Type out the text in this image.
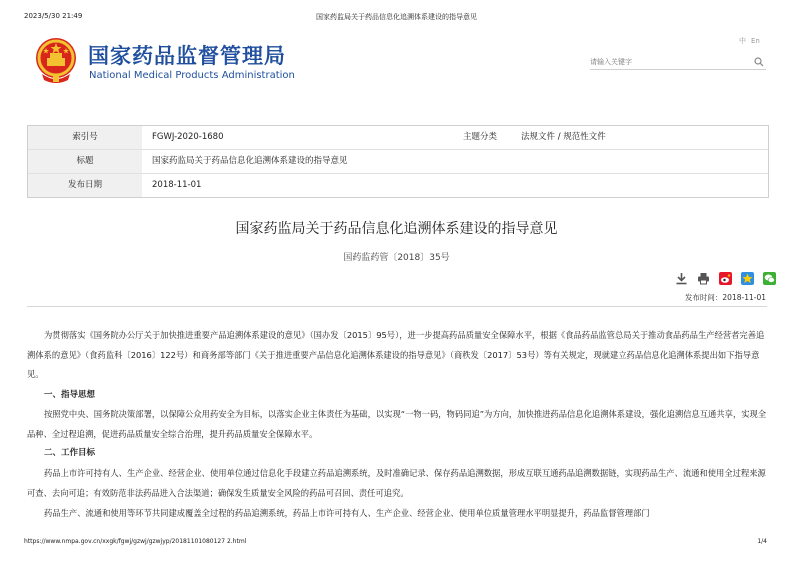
2023/5/30 21:49	国家药监局关于药品信息化追溯体系建设的指导意见
国家药品监督管理局
National Medical Products Administration
中 En
请输入关键字
索引号	FGWJ-2020-1680	主题分类	法规文件 / 规范性文件
标题	国家药监局关于药品信息化追溯体系建设的指导意见
发布日期	2018-11-01
国家药监局关于药品信息化追溯体系建设的指导意见
国药监药管〔2018〕35号

发布时间：2018-11-01

为贯彻落实《国务院办公厅关于加快推进重要产品追溯体系建设的意见》（国办发〔2015〕95号），进一步提高药品质量安全保障水平，根据《食品药品监管总局关于推动食品药品生产经营者完善追溯体系的意见》（食药监科〔2016〕122号）和商务部等部门《关于推进重要产品信息化追溯体系建设的指导意见》（商秩发〔2017〕53号）等有关规定，现就建立药品信息化追溯体系提出如下指导意见。

一、指导思想

按照党中央、国务院决策部署，以保障公众用药安全为目标，以落实企业主体责任为基础，以实现“一物一码，物码同追”为方向，加快推进药品信息化追溯体系建设，强化追溯信息互通共享，实现全品种、全过程追溯，促进药品质量安全综合治理，提升药品质量安全保障水平。

二、工作目标

药品上市许可持有人、生产企业、经营企业、使用单位通过信息化手段建立药品追溯系统，及时准确记录、保存药品追溯数据，形成互联互通药品追溯数据链，实现药品生产、流通和使用全过程来源可查、去向可追；有效防范非法药品进入合法渠道；确保发生质量安全风险的药品可召回、责任可追究。

药品生产、流通和使用等环节共同建成覆盖全过程的药品追溯系统，药品上市许可持有人、生产企业、经营企业、使用单位质量管理水平明显提升，药品监督管理部门

https://www.nmpa.gov.cn/xxgk/fgwj/gzwj/gzwjyp/20181101080127 2.html	1/4
